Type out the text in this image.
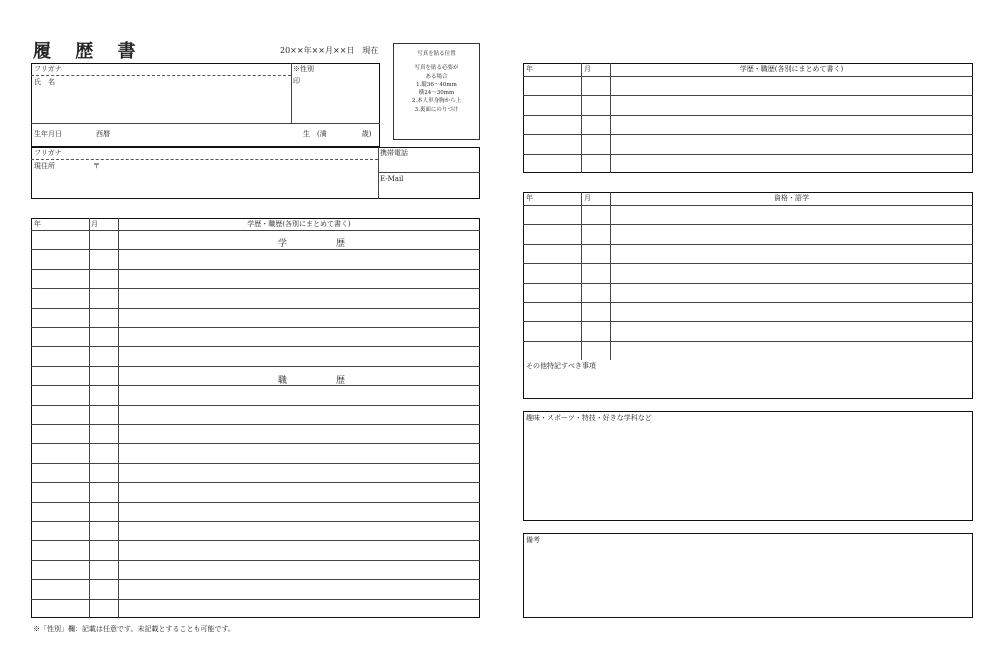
履 歴 書	20××年××月××日　現在	写真を貼る位置
写真を貼る必要が
ある場合
1.縦36〜40mm
横24〜30mm
2.本人単身胸から上
3.裏面にのりづけ
フリガナ
氏　名
※性別
印
生年月日	西暦	生　(満　　　　　歳)
フリガナ
現住所	〒
携帯電話
E-Mail
年	月	学歴・職歴(各別にまとめて書く)
学　歴
職　歴
年	月	学歴・職歴(各別にまとめて書く)
年	月	資格・語学
その他特記すべき事項
趣味・スポーツ・特技・好きな学科など
備考
※「性別」欄：記載は任意です。未記載とすることも可能です。
